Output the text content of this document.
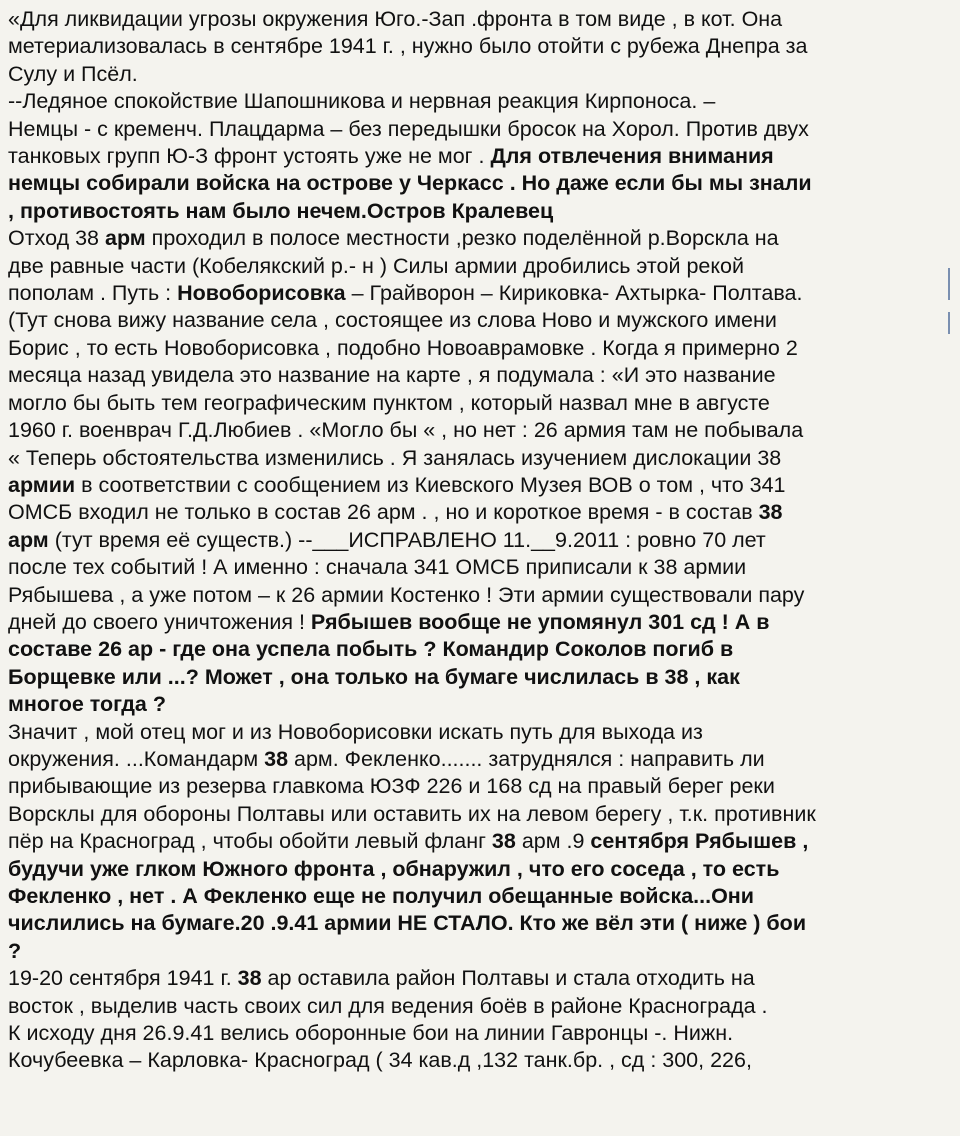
«Для ликвидации угрозы окружения Юго.-Зап .фронта в том виде , в кот. Она
метериализовалась в сентябре 1941 г. , нужно было отойти с рубежа Днепра за
Сулу и Псёл.
--Ледяное спокойствие Шапошникова и нервная реакция Кирпоноса. –
Немцы - с кременч. Плацдарма – без передышки бросок на Хорол. Против двух
танковых групп Ю-З фронт устоять уже не мог . Для отвлечения внимания
немцы собирали войска на острове у Черкасс . Но даже если бы мы знали
, противостоять нам было нечем.Остров Кралевец
Отход 38 арм проходил в полосе местности ,резко поделённой р.Ворскла на
две равные части (Кобелякский р.- н ) Силы армии дробились этой рекой
пополам . Путь : Новоборисовка – Грайворон – Кириковка- Ахтырка- Полтава.
(Тут снова вижу название села , состоящее из слова Ново и мужского имени
Борис , то есть Новоборисовка , подобно Новоаврамовке . Когда я примерно 2
месяца назад увидела это название на карте , я подумала : «И это название
могло бы быть тем географическим пунктом , который назвал мне в августе
1960 г. военврач Г.Д.Любиев . «Могло бы « , но нет : 26 армия там не побывала
« Теперь обстоятельства изменились . Я занялась изучением дислокации 38
армии в соответствии с сообщением из Киевского Музея ВОВ о том , что 341
ОМСБ входил не только в состав 26 арм . , но и короткое время - в состав 38
арм (тут время её существ.) --___ИСПРАВЛЕНО 11.__9.2011 : ровно 70 лет
после тех событий ! А именно : сначала 341 ОМСБ приписали к 38 армии
Рябышева , а уже потом – к 26 армии Костенко ! Эти армии существовали пару
дней до своего уничтожения ! Рябышев вообще не упомянул 301 сд ! А в
составе 26 ар - где она успела побыть ? Командир Соколов погиб в
Борщевке или ...? Может , она только на бумаге числилась в 38 , как
многое тогда ?
Значит , мой отец мог и из Новоборисовки искать путь для выхода из
окружения. ...Командарм 38 арм. Фекленко....... затруднялся : направить ли
прибывающие из резерва главкома ЮЗФ 226 и 168 сд на правый берег реки
Ворсклы для обороны Полтавы или оставить их на левом берегу , т.к. противник
пёр на Красноград , чтобы обойти левый фланг 38 арм .9 сентября Рябышев ,
будучи уже глком Южного фронта , обнаружил , что его соседа , то есть
Фекленко , нет . А Фекленко еще не получил обещанные войска...Они
числились на бумаге.20 .9.41 армии НЕ СТАЛО. Кто же вёл эти ( ниже ) бои
?
19-20 сентября 1941 г. 38 ар оставила район Полтавы и стала отходить на
восток , выделив часть своих сил для ведения боёв в районе Краснограда .
К исходу дня 26.9.41 велись оборонные бои на линии Гавронцы -. Нижн.
Кочубеевка – Карловка- Красноград ( 34 кав.д ,132 танк.бр. , сд : 300, 226,
